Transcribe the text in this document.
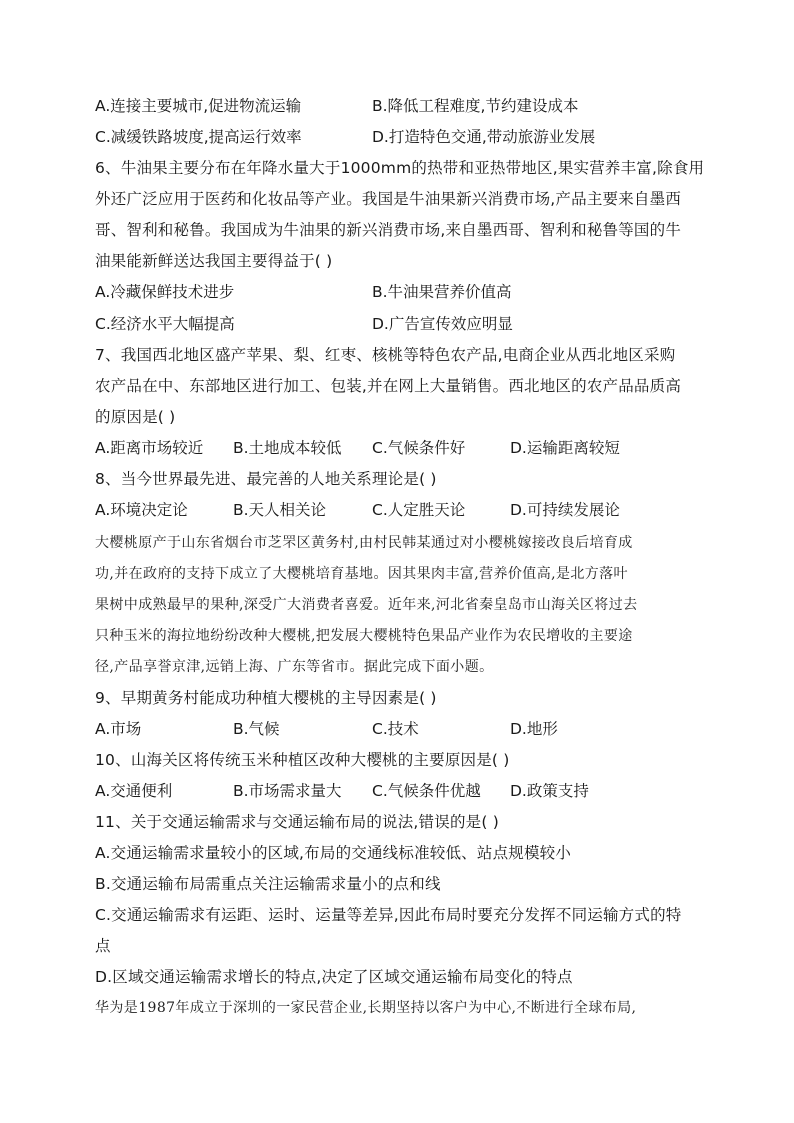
A.连接主要城市,促进物流运输	B.降低工程难度,节约建设成本
C.减缓铁路坡度,提高运行效率	D.打造特色交通,带动旅游业发展
6、牛油果主要分布在年降水量大于1000mm的热带和亚热带地区,果实营养丰富,除食用
外还广泛应用于医药和化妆品等产业。我国是牛油果新兴消费市场,产品主要来自墨西
哥、智利和秘鲁。我国成为牛油果的新兴消费市场,来自墨西哥、智利和秘鲁等国的牛
油果能新鲜送达我国主要得益于( )
A.冷藏保鲜技术进步	B.牛油果营养价值高
C.经济水平大幅提高	D.广告宣传效应明显
7、我国西北地区盛产苹果、梨、红枣、核桃等特色农产品,电商企业从西北地区采购
农产品在中、东部地区进行加工、包装,并在网上大量销售。西北地区的农产品品质高
的原因是( )
A.距离市场较近 B.土地成本较低 C.气候条件好	D.运输距离较短
8、当今世界最先进、最完善的人地关系理论是( )
A.环境决定论	B.天人相关论	C.人定胜天论	D.可持续发展论
大樱桃原产于山东省烟台市芝罘区黄务村,由村民韩某通过对小樱桃嫁接改良后培育成
功,并在政府的支持下成立了大樱桃培育基地。因其果肉丰富,营养价值高,是北方落叶
果树中成熟最早的果种,深受广大消费者喜爱。近年来,河北省秦皇岛市山海关区将过去
只种玉米的海拉地纷纷改种大樱桃,把发展大樱桃特色果品产业作为农民增收的主要途
径,产品享誉京津,远销上海、广东等省市。据此完成下面小题。
9、早期黄务村能成功种植大樱桃的主导因素是( )
A.市场	B.气候	C.技术	D.地形
10、山海关区将传统玉米种植区改种大樱桃的主要原因是( )
A.交通便利	B.市场需求量大 C.气候条件优越 D.政策支持
11、关于交通运输需求与交通运输布局的说法,错误的是( )
A.交通运输需求量较小的区域,布局的交通线标准较低、站点规模较小
B.交通运输布局需重点关注运输需求量小的点和线
C.交通运输需求有运距、运时、运量等差异,因此布局时要充分发挥不同运输方式的特
点
D.区域交通运输需求增长的特点,决定了区域交通运输布局变化的特点
华为是1987年成立于深圳的一家民营企业,长期坚持以客户为中心,不断进行全球布局,
